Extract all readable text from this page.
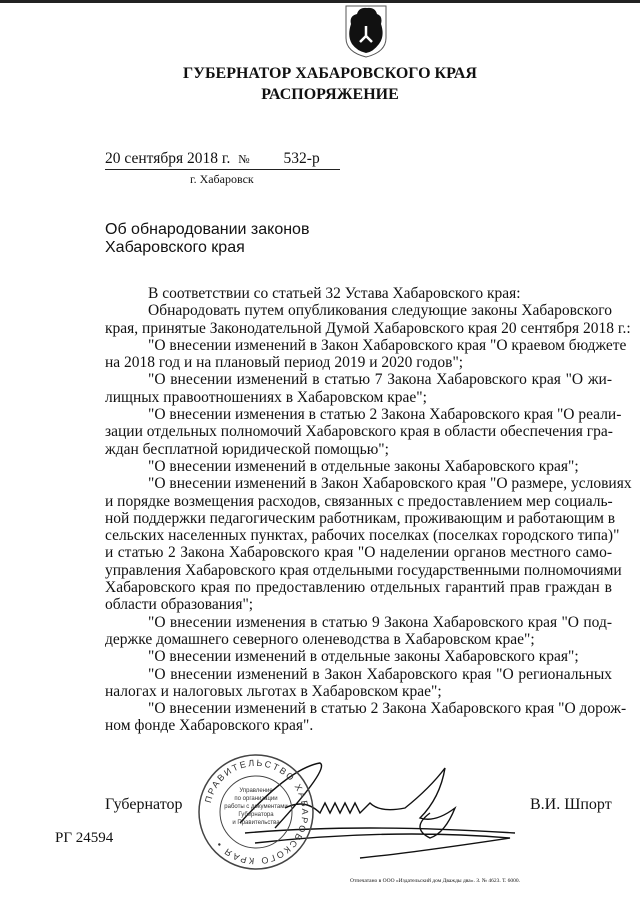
ГУБЕРНАТОР ХАБАРОВСКОГО КРАЯ
РАСПОРЯЖЕНИЕ
20 сентября 2018 г. № 532-р
г. Хабаровск
Об обнародовании законов
Хабаровского края
В соответствии со статьей 32 Устава Хабаровского края:
Обнародовать путем опубликования следующие законы Хабаровского
края, принятые Законодательной Думой Хабаровского края 20 сентября 2018 г.:
"О внесении изменений в Закон Хабаровского края "О краевом бюджете
на 2018 год и на плановый период 2019 и 2020 годов";
"О внесении изменений в статью 7 Закона Хабаровского края "О жи-
лищных правоотношениях в Хабаровском крае";
"О внесении изменения в статью 2 Закона Хабаровского края "О реали-
зации отдельных полномочий Хабаровского края в области обеспечения гра-
ждан бесплатной юридической помощью";
"О внесении изменений в отдельные законы Хабаровского края";
"О внесении изменений в Закон Хабаровского края "О размере, условиях
и порядке возмещения расходов, связанных с предоставлением мер социаль-
ной поддержки педагогическим работникам, проживающим и работающим в
сельских населенных пунктах, рабочих поселках (поселках городского типа)"
и статью 2 Закона Хабаровского края "О наделении органов местного само-
управления Хабаровского края отдельными государственными полномочиями
Хабаровского края по предоставлению отдельных гарантий прав граждан в
области образования";
"О внесении изменения в статью 9 Закона Хабаровского края "О под-
держке домашнего северного оленеводства в Хабаровском крае";
"О внесении изменений в отдельные законы Хабаровского края";
"О внесении изменений в Закон Хабаровского края "О региональных
налогах и налоговых льготах в Хабаровском крае";
"О внесении изменений в статью 2 Закона Хабаровского края "О дорож-
ном фонде Хабаровского края".
ПРАВИТЕЛЬСТВО ХАБАРОВСКОГО КРАЯ •
Управление
по организации
работы с документами
Губернатора
и Правительства
Губернатор	В.И. Шпорт
РГ 24594
Отпечатано в ООО «Издательский дом Дважды два». З. № 4623. Т. 6000.
